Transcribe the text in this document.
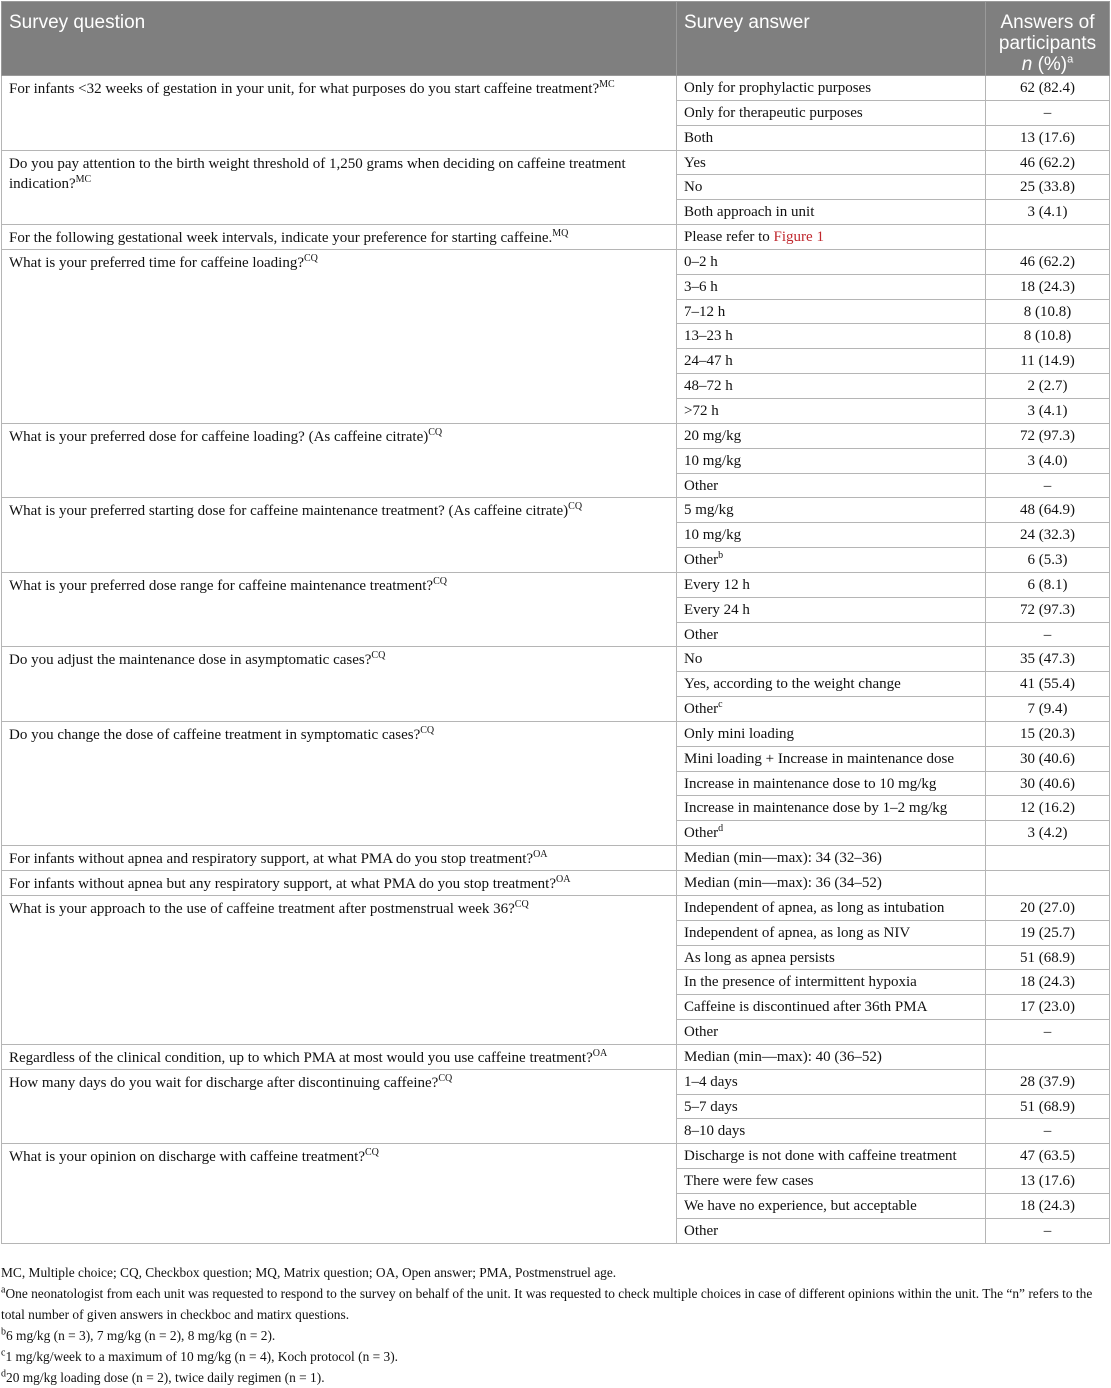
Survey question	Survey answer	Answers of
participants
n (%)$^a$
For infants <32 weeks of gestation in your unit, for what purposes do you start caffeine treatment?$^{MC}$	Only for prophylactic purposes	62 (82.4)
	Only for therapeutic purposes	–
	Both	13 (17.6)
Do you pay attention to the birth weight threshold of 1,250 grams when deciding on caffeine treatment indication?$^{MC}$	Yes	46 (62.2)
	No	25 (33.8)
	Both approach in unit	3 (4.1)
For the following gestational week intervals, indicate your preference for starting caffeine.$^{MQ}$	Please refer to Figure 1	
What is your preferred time for caffeine loading?$^{CQ}$	0–2 h	46 (62.2)
	3–6 h	18 (24.3)
	7–12 h	8 (10.8)
	13–23 h	8 (10.8)
	24–47 h	11 (14.9)
	48–72 h	2 (2.7)
	>72 h	3 (4.1)
What is your preferred dose for caffeine loading? (As caffeine citrate)$^{CQ}$	20 mg/kg	72 (97.3)
	10 mg/kg	3 (4.0)
	Other	–
What is your preferred starting dose for caffeine maintenance treatment? (As caffeine citrate)$^{CQ}$	5 mg/kg	48 (64.9)
	10 mg/kg	24 (32.3)
	Other$^b$	6 (5.3)
What is your preferred dose range for caffeine maintenance treatment?$^{CQ}$	Every 12 h	6 (8.1)
	Every 24 h	72 (97.3)
	Other	–
Do you adjust the maintenance dose in asymptomatic cases?$^{CQ}$	No	35 (47.3)
	Yes, according to the weight change	41 (55.4)
	Other$^c$	7 (9.4)
Do you change the dose of caffeine treatment in symptomatic cases?$^{CQ}$	Only mini loading	15 (20.3)
	Mini loading + Increase in maintenance dose	30 (40.6)
	Increase in maintenance dose to 10 mg/kg	30 (40.6)
	Increase in maintenance dose by 1–2 mg/kg	12 (16.2)
	Other$^d$	3 (4.2)
For infants without apnea and respiratory support, at what PMA do you stop treatment?$^{OA}$	Median (min—max): 34 (32–36)	
For infants without apnea but any respiratory support, at what PMA do you stop treatment?$^{OA}$	Median (min—max): 36 (34–52)	
What is your approach to the use of caffeine treatment after postmenstrual week 36?$^{CQ}$	Independent of apnea, as long as intubation	20 (27.0)
	Independent of apnea, as long as NIV	19 (25.7)
	As long as apnea persists	51 (68.9)
	In the presence of intermittent hypoxia	18 (24.3)
	Caffeine is discontinued after 36th PMA	17 (23.0)
	Other	–
Regardless of the clinical condition, up to which PMA at most would you use caffeine treatment?$^{OA}$	Median (min—max): 40 (36–52)	
How many days do you wait for discharge after discontinuing caffeine?$^{CQ}$	1–4 days	28 (37.9)
	5–7 days	51 (68.9)
	8–10 days	–
What is your opinion on discharge with caffeine treatment?$^{CQ}$	Discharge is not done with caffeine treatment	47 (63.5)
	There were few cases	13 (17.6)
	We have no experience, but acceptable	18 (24.3)
	Other	–

MC, Multiple choice; CQ, Checkbox question; MQ, Matrix question; OA, Open answer; PMA, Postmenstruel age.

$^a$One neonatologist from each unit was requested to respond to the survey on behalf of the unit. It was requested to check multiple choices in case of different opinions within the unit. The “n” refers to the total number of given answers in checkboc and matirx questions.

$^b$6 mg/kg (n = 3), 7 mg/kg (n = 2), 8 mg/kg (n = 2).

$^c$1 mg/kg/week to a maximum of 10 mg/kg (n = 4), Koch protocol (n = 3).

$^d$20 mg/kg loading dose (n = 2), twice daily regimen (n = 1).
